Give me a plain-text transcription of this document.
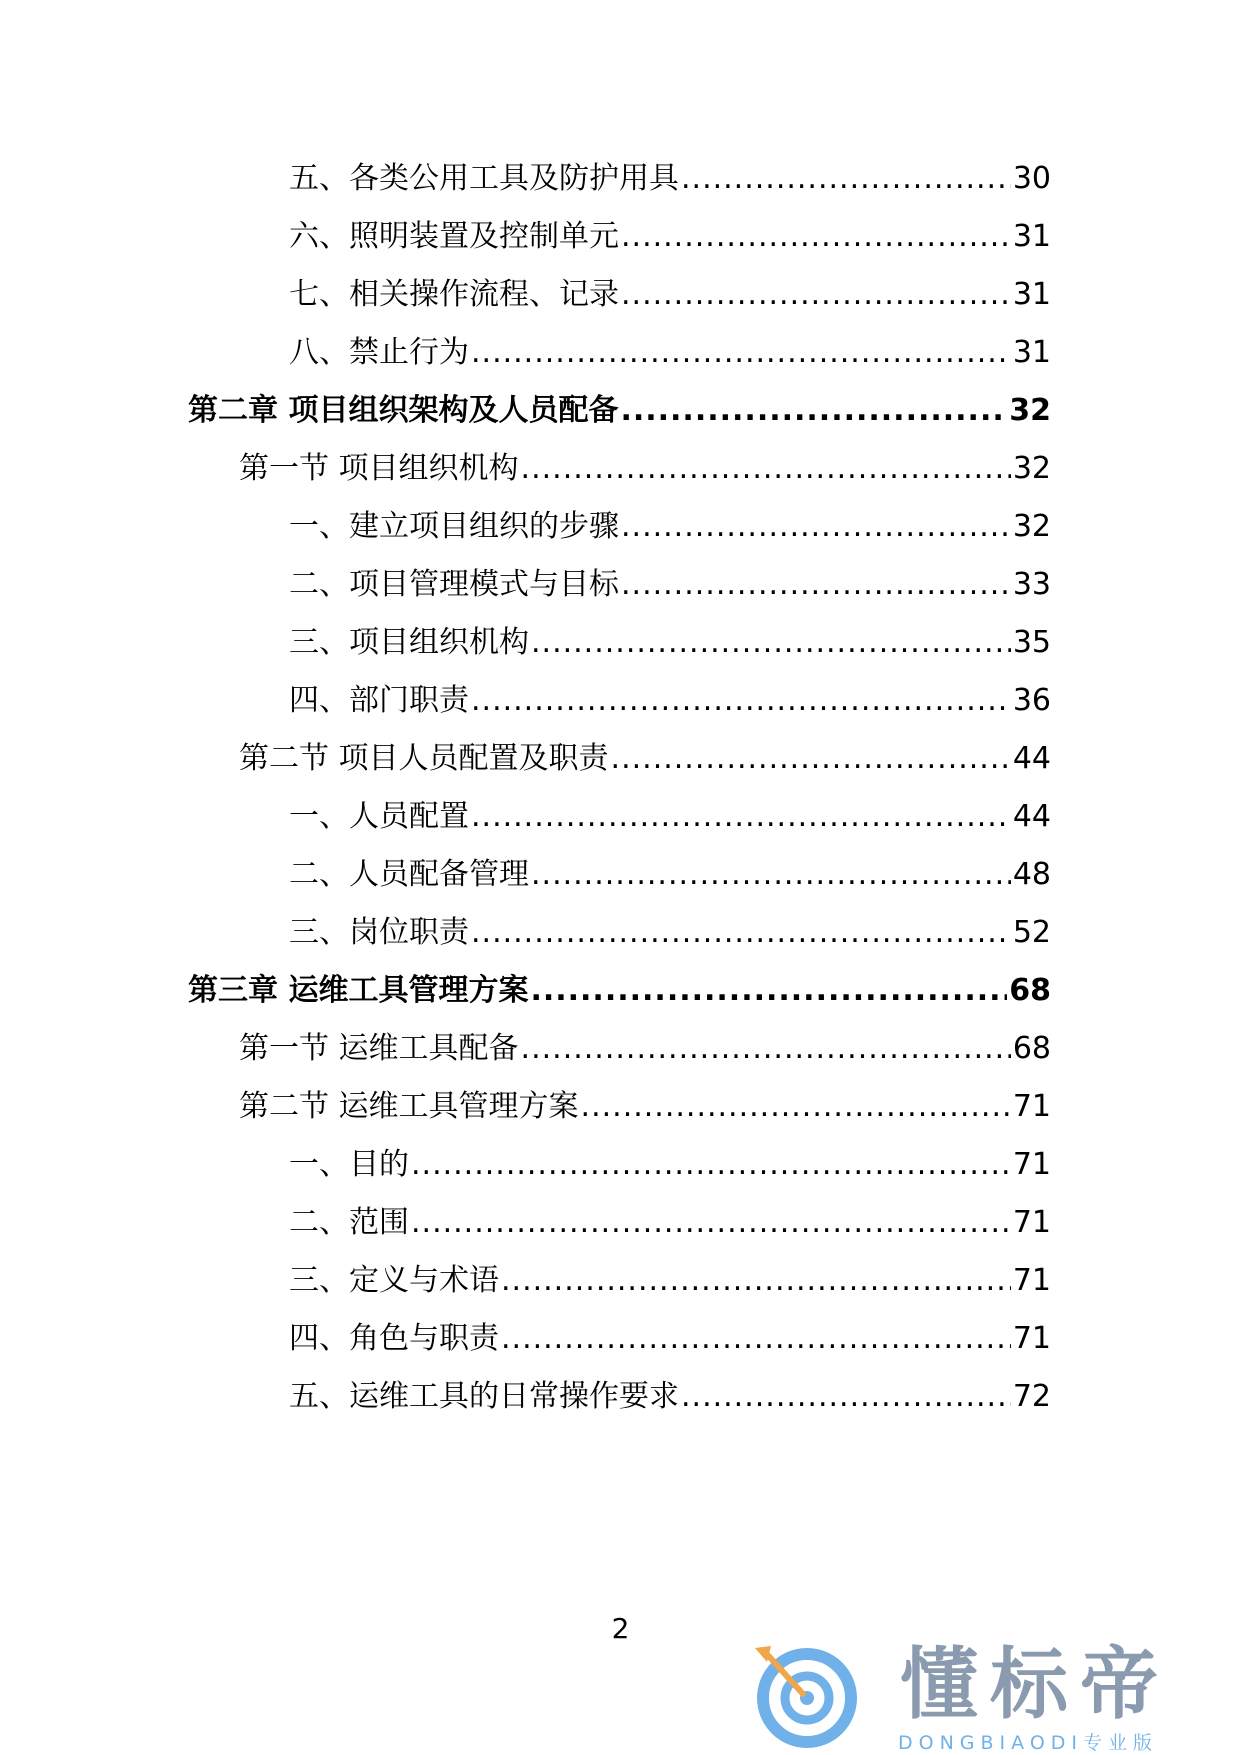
五、各类公用工具及防护用具 .....	30
六、照明装置及控制单元 .....	31
七、相关操作流程、记录 .....	31
八、禁止行为 .....	31
第二章 项目组织架构及人员配备 .....	32
第一节 项目组织机构 .....	32
一、建立项目组织的步骤 .....	32
二、项目管理模式与目标 .....	33
三、项目组织机构 .....	35
四、部门职责 .....	36
第二节 项目人员配置及职责 .....	44
一、人员配置 .....	44
二、人员配备管理 .....	48
三、岗位职责 .....	52
第三章 运维工具管理方案 .....	68
第一节 运维工具配备 .....	68
第二节 运维工具管理方案 .....	71
一、目的 .....	71
二、范围 .....	71
三、定义与术语 .....	71
四、角色与职责 .....	71
五、运维工具的日常操作要求 .....	72
2
懂标帝
DONGBIAODI专业版
